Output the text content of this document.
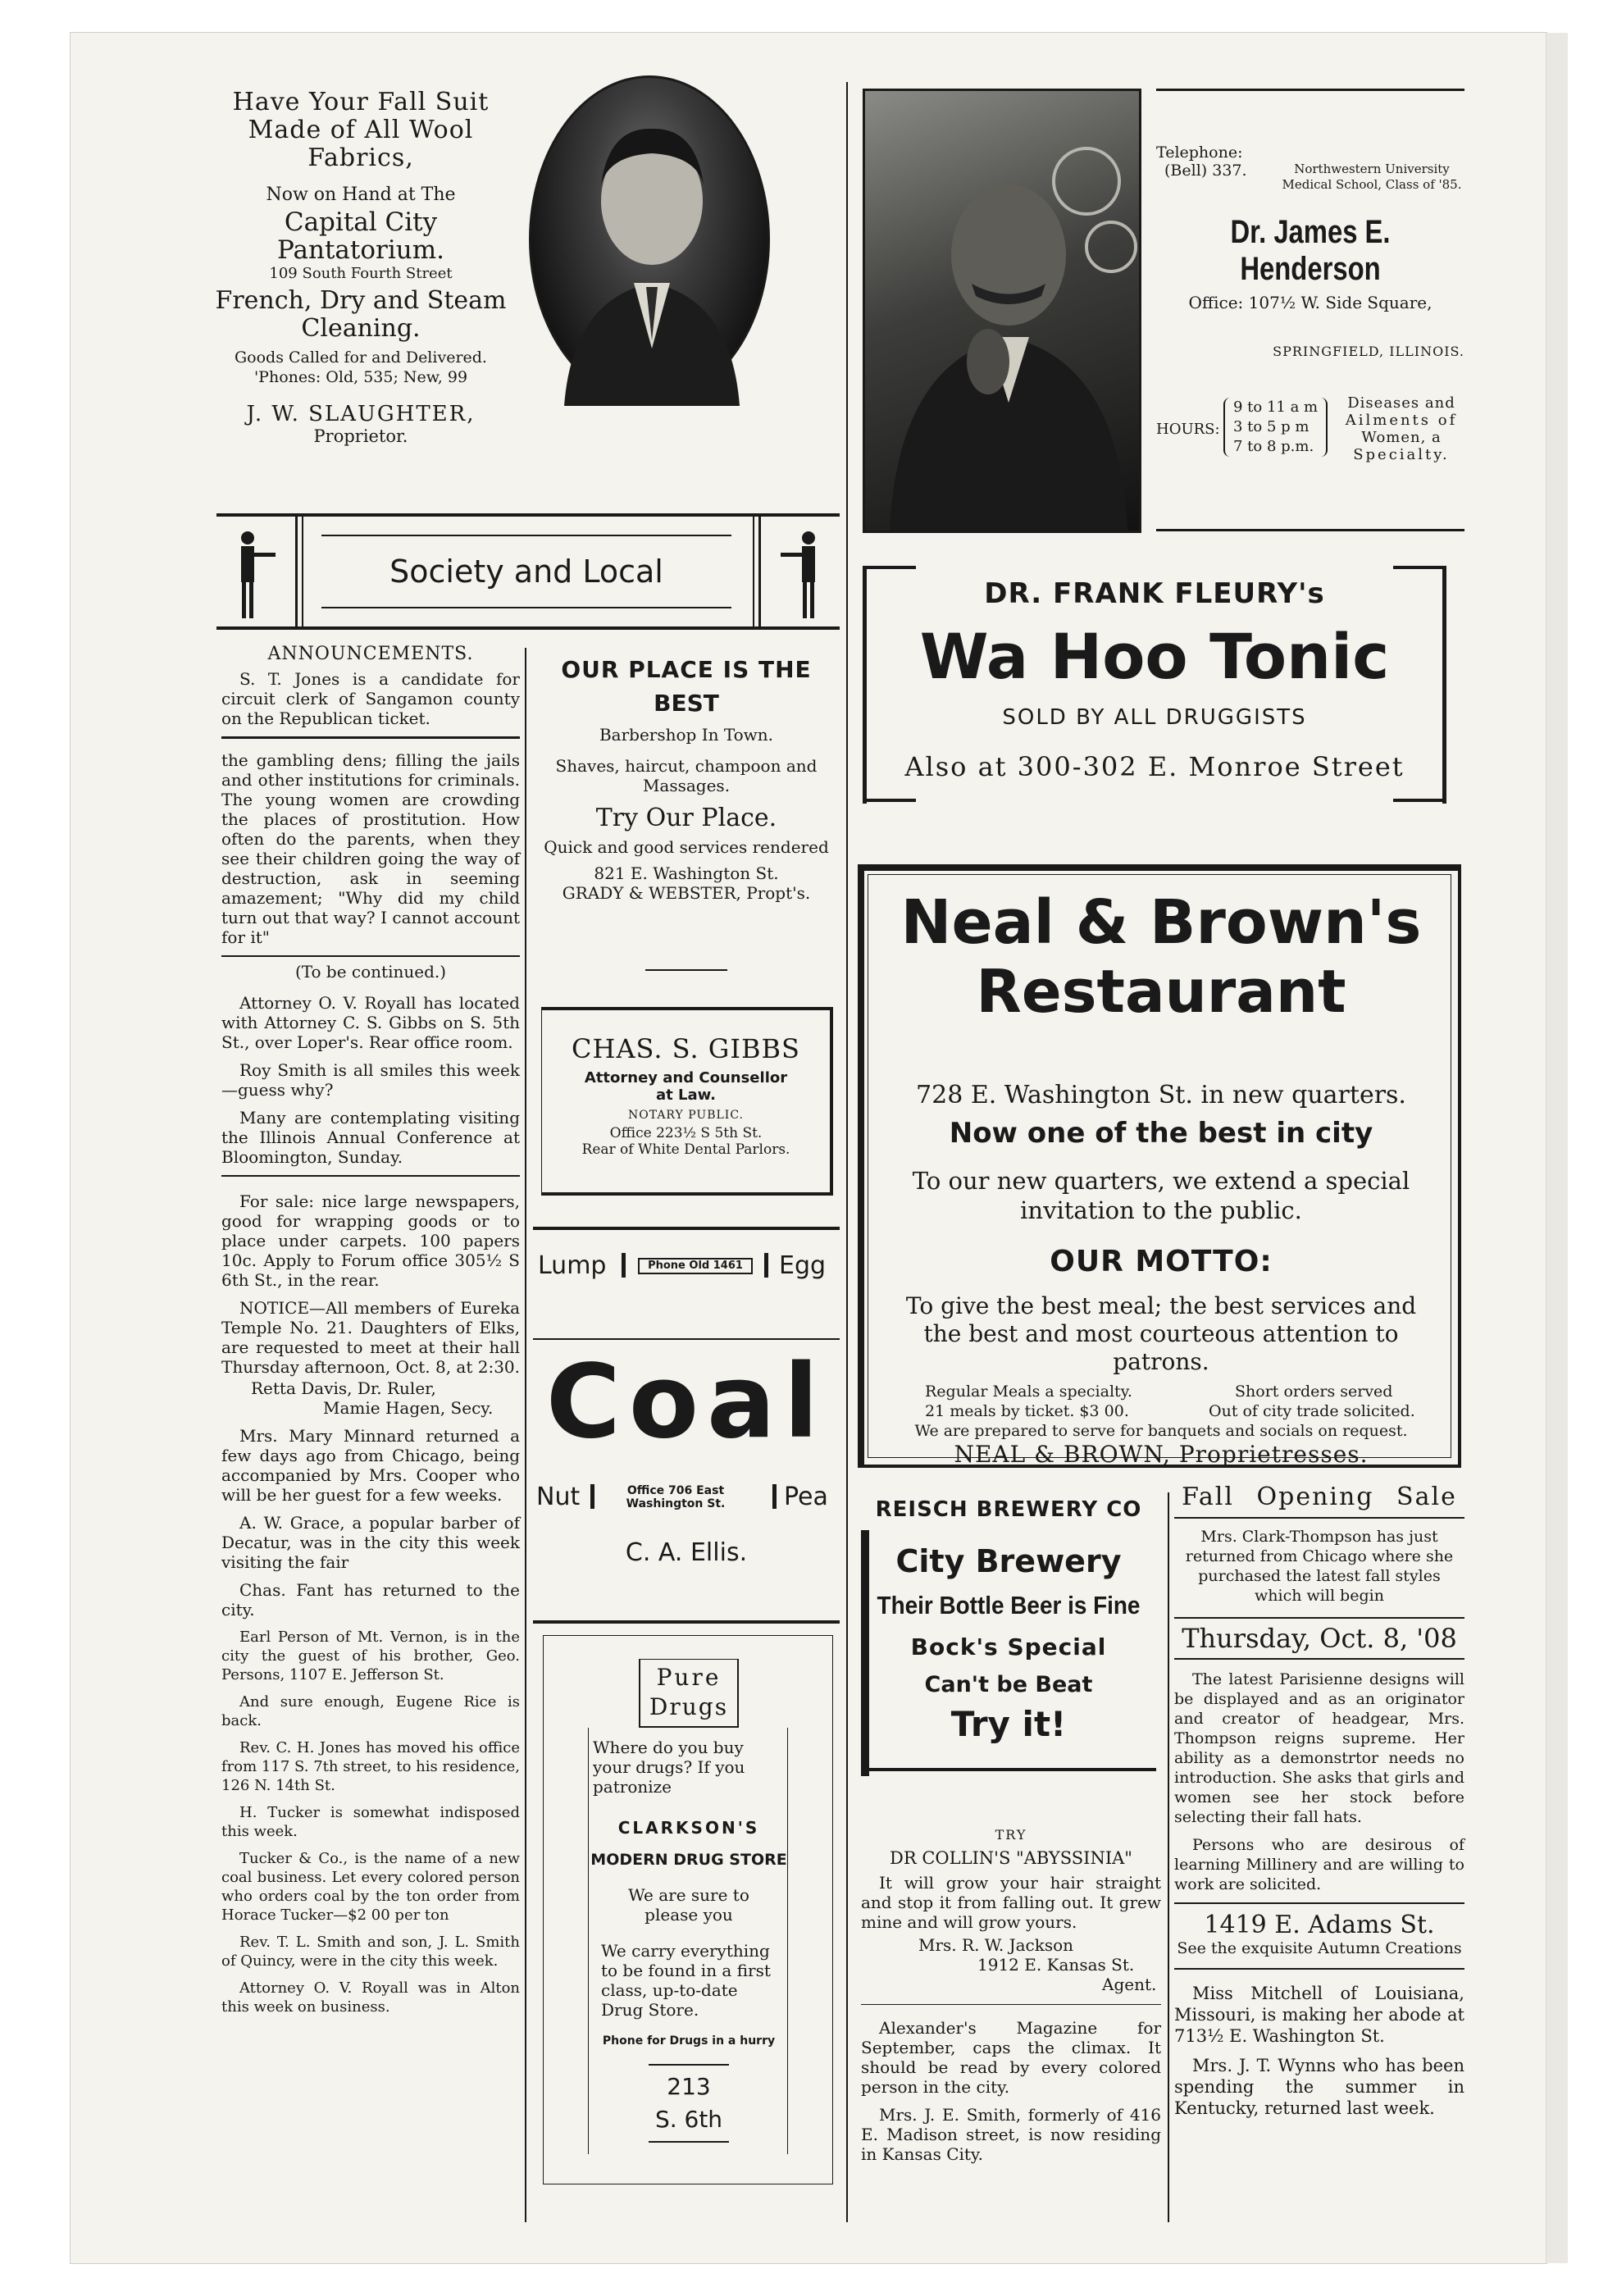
Have Your Fall Suit Made of All Wool Fabrics,
Now on Hand at The
Capital City Pantatorium.
109 South Fourth Street
French, Dry and Steam Cleaning.
Goods Called for and Delivered.
'Phones: Old, 535; New, 99
J. W. SLAUGHTER,
Proprietor.
Telephone:
(Bell) 337.	Northwestern University
Medical School, Class of '85.
Dr. James E. Henderson
Office: 107½ W. Side Square,
SPRINGFIELD, ILLINOIS.
HOURS:
9 to 11 a m
3 to 5 p m
7 to 8 p.m.
Diseases and
Ailments of
Women, a
Specialty.
Society and Local
ANNOUNCEMENTS.

S. T. Jones is a candidate for circuit clerk of Sangamon county on the Republican ticket.

the gambling dens; filling the jails and other institutions for criminals. The young women are crowding the places of prostitution. How often do the parents, when they see their children going the way of destruction, ask in seeming amazement; "Why did my child turn out that way? I cannot account for it"

(To be continued.)

Attorney O. V. Royall has located with Attorney C. S. Gibbs on S. 5th St., over Loper's. Rear office room.

Roy Smith is all smiles this week—guess why?

Many are contemplating visiting the Illinois Annual Conference at Bloomington, Sunday.

For sale: nice large newspapers, good for wrapping goods or to place under carpets. 100 papers 10c. Apply to Forum office 305½ S 6th St., in the rear.

NOTICE—All members of Eureka Temple No. 21. Daughters of Elks, are requested to meet at their hall Thursday afternoon, Oct. 8, at 2:30.

Retta Davis, Dr. Ruler,
Mamie Hagen, Secy.

Mrs. Mary Minnard returned a few days ago from Chicago, being accompanied by Mrs. Cooper who will be her guest for a few weeks.

A. W. Grace, a popular barber of Decatur, was in the city this week visiting the fair

Chas. Fant has returned to the city.

Earl Person of Mt. Vernon, is in the city the guest of his brother, Geo. Persons, 1107 E. Jefferson St.

And sure enough, Eugene Rice is back.

Rev. C. H. Jones has moved his office from 117 S. 7th street, to his residence, 126 N. 14th St.

H. Tucker is somewhat indisposed this week.

Tucker & Co., is the name of a new coal business. Let every colored person who orders coal by the ton order from Horace Tucker—$2 00 per ton

Rev. T. L. Smith and son, J. L. Smith of Quincy, were in the city this week.

Attorney O. V. Royall was in Alton this week on business.

OUR PLACE IS THE
BEST
Barbershop In Town.
Shaves, haircut, champoon and Massages.
Try Our Place.
Quick and good services rendered
821 E. Washington St.
GRADY & WEBSTER, Propt's.
CHAS. S. GIBBS
Attorney and Counsellor
at Law.
NOTARY PUBLIC.
Office 223½ S 5th St.
Rear of White Dental Parlors.
Lump	Phone Old 1461	Egg
Coal
Nut	Office 706 East
Washington St.	Pea
C. A. Ellis.
Pure
Drugs
Where do you buy your drugs? If you patronize
CLARKSON'S
MODERN DRUG STORE
We are sure to please you
We carry everything to be found in a first class, up-to-date Drug Store.
Phone for Drugs in a hurry
213
S. 6th
DR. FRANK FLEURY's
Wa Hoo Tonic
SOLD BY ALL DRUGGISTS
Also at 300-302 E. Monroe Street
Neal & Brown's
Restaurant
728 E. Washington St. in new quarters.
Now one of the best in city
To our new quarters, we extend a special invitation to the public.
OUR MOTTO:
To give the best meal; the best services and the best and most courteous attention to patrons.
Regular Meals a specialty.	Short orders served
21 meals by ticket. $3 00.	Out of city trade solicited.
We are prepared to serve for banquets and socials on request.
NEAL & BROWN, Proprietresses.
REISCH BREWERY CO
City Brewery
Their Bottle Beer is Fine
Bock's Special
Can't be Beat
Try it!
TRY
DR COLLIN'S "ABYSSINIA"

It will grow your hair straight and stop it from falling out. It grew mine and will grow yours.

Mrs. R. W. Jackson
1912 E. Kansas St.
Agent.

Alexander's Magazine for September, caps the climax. It should be read by every colored person in the city.

Mrs. J. E. Smith, formerly of 416 E. Madison street, is now residing in Kansas City.

Fall Opening Sale

Mrs. Clark-Thompson has just returned from Chicago where she purchased the latest fall styles which will begin

Thursday, Oct. 8, '08

The latest Parisienne designs will be displayed and as an originator and creator of headgear, Mrs. Thompson reigns supreme. Her ability as a demonstrtor needs no introduction. She asks that girls and women see her stock before selecting their fall hats.

Persons who are desirous of learning Millinery and are willing to work are solicited.

1419 E. Adams St.
See the exquisite Autumn Creations

Miss Mitchell of Louisiana, Missouri, is making her abode at 713½ E. Washington St.

Mrs. J. T. Wynns who has been spending the summer in Kentucky, returned last week.
